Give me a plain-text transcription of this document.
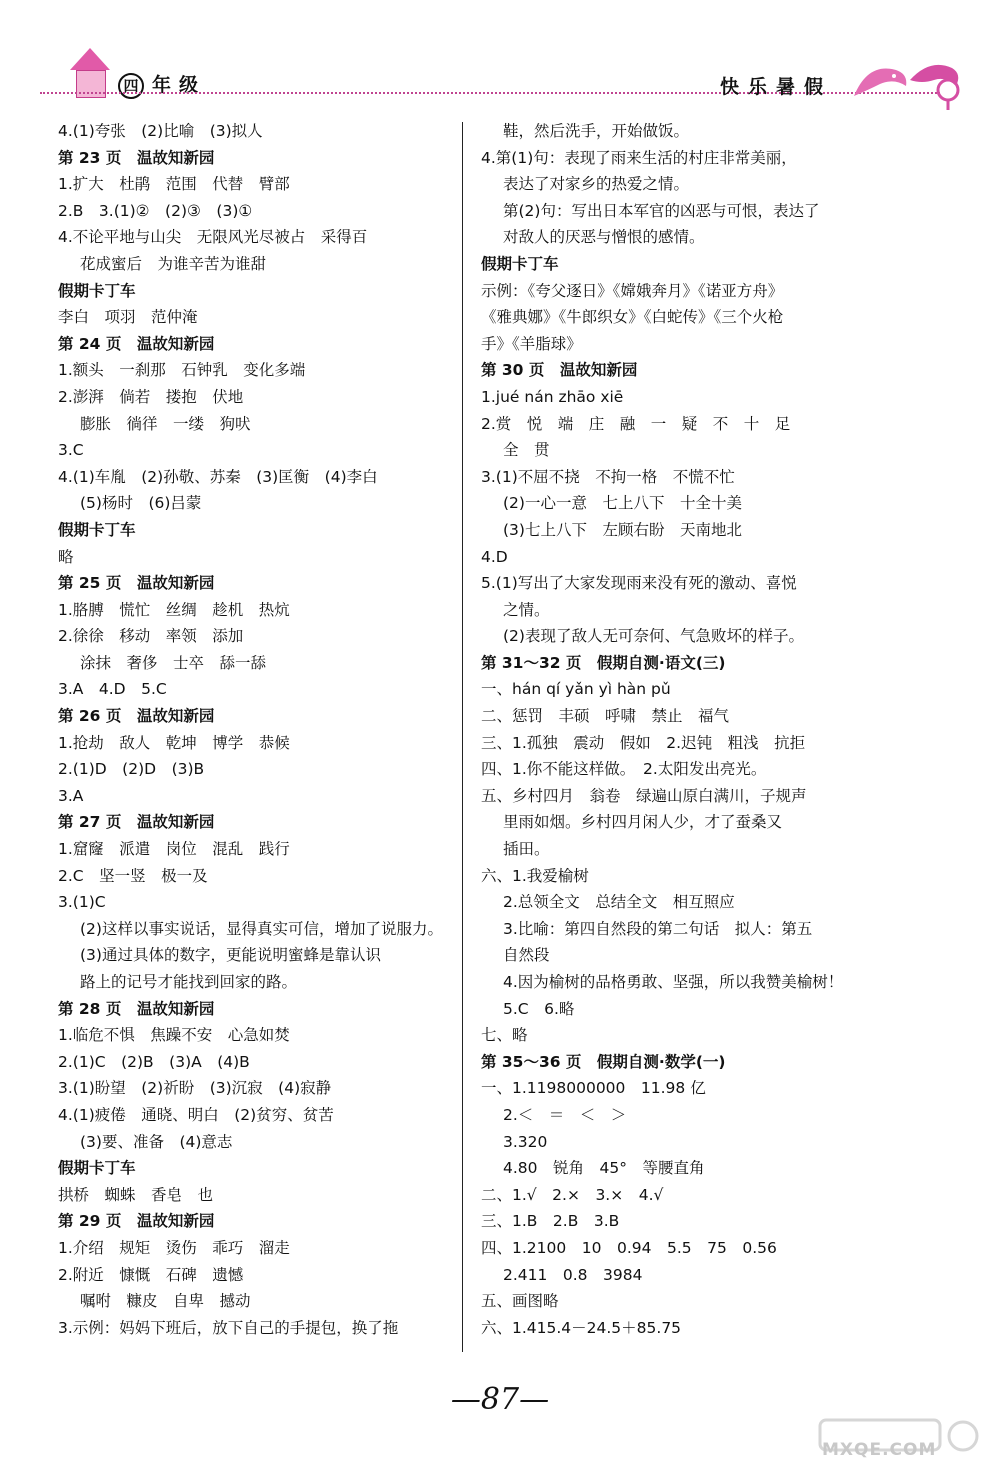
四 年级	快乐暑假
4.(1)夸张　(2)比喻　(3)拟人
第 23 页　温故知新园
1.扩大　杜鹃　范围　代替　臂部
2.B　3.(1)②　(2)③　(3)①
4.不论平地与山尖　无限风光尽被占　采得百
花成蜜后　为谁辛苦为谁甜
假期卡丁车
李白　项羽　范仲淹
第 24 页　温故知新园
1.额头　一刹那　石钟乳　变化多端
2.澎湃　倘若　搂抱　伏地
膨胀　徜徉　一缕　狗吠
3.C
4.(1)车胤　(2)孙敬、苏秦　(3)匡衡　(4)李白
(5)杨时　(6)吕蒙
假期卡丁车
略
第 25 页　温故知新园
1.胳膊　慌忙　丝绸　趁机　热炕
2.徐徐　移动　率领　添加
涂抹　奢侈　士卒　舔一舔
3.A　4.D　5.C
第 26 页　温故知新园
1.抢劫　敌人　乾坤　博学　恭候
2.(1)D　(2)D　(3)B
3.A
第 27 页　温故知新园
1.窟窿　派遣　岗位　混乱　践行
2.C　坚一竖　极一及
3.(1)C
(2)这样以事实说话，显得真实可信，增加了说服力。
(3)通过具体的数字，更能说明蜜蜂是靠认识
路上的记号才能找到回家的路。
第 28 页　温故知新园
1.临危不惧　焦躁不安　心急如焚
2.(1)C　(2)B　(3)A　(4)B
3.(1)盼望　(2)祈盼　(3)沉寂　(4)寂静
4.(1)疲倦　通晓、明白　(2)贫穷、贫苦
(3)要、准备　(4)意志
假期卡丁车
拱桥　蜘蛛　香皂　也
第 29 页　温故知新园
1.介绍　规矩　烫伤　乖巧　溜走
2.附近　慷慨　石碑　遗憾
嘱咐　糠皮　自卑　撼动
3.示例：妈妈下班后，放下自己的手提包，换了拖
鞋，然后洗手，开始做饭。
4.第(1)句：表现了雨来生活的村庄非常美丽，
表达了对家乡的热爱之情。
第(2)句：写出日本军官的凶恶与可恨，表达了
对敌人的厌恶与憎恨的感情。
假期卡丁车
示例：《夸父逐日》《嫦娥奔月》《诺亚方舟》
《雅典娜》《牛郎织女》《白蛇传》《三个火枪
手》《羊脂球》
第 30 页　温故知新园
1.jué nán zhāo xiē
2.赏　悦　端　庄　融　一　疑　不　十　足
全　贯
3.(1)不屈不挠　不拘一格　不慌不忙
(2)一心一意　七上八下　十全十美
(3)七上八下　左顾右盼　天南地北
4.D
5.(1)写出了大家发现雨来没有死的激动、喜悦
之情。
(2)表现了敌人无可奈何、气急败坏的样子。
第 31～32 页　假期自测·语文(三)
一、hán qí yǎn yì hàn pǔ
二、惩罚　丰硕　呼啸　禁止　福气
三、1.孤独　震动　假如　2.迟钝　粗浅　抗拒
四、1.你不能这样做。　2.太阳发出亮光。
五、乡村四月　翁卷　绿遍山原白满川，子规声
里雨如烟。乡村四月闲人少，才了蚕桑又
插田。
六、1.我爱榆树
2.总领全文　总结全文　相互照应
3.比喻：第四自然段的第二句话　拟人：第五
自然段
4.因为榆树的品格勇敢、坚强，所以我赞美榆树！
5.C　6.略
七、略
第 35～36 页　假期自测·数学(一)
一、1.1198000000　11.98 亿
2.＜　＝　＜　＞
3.320
4.80　锐角　45°　等腰直角
二、1.√　2.×　3.×　4.√
三、1.B　2.B　3.B
四、1.2100　10　0.94　5.5　75　0.56
2.411　0.8　3984
五、画图略
六、1.415.4－24.5＋85.75
—87—
MXQE.COM
